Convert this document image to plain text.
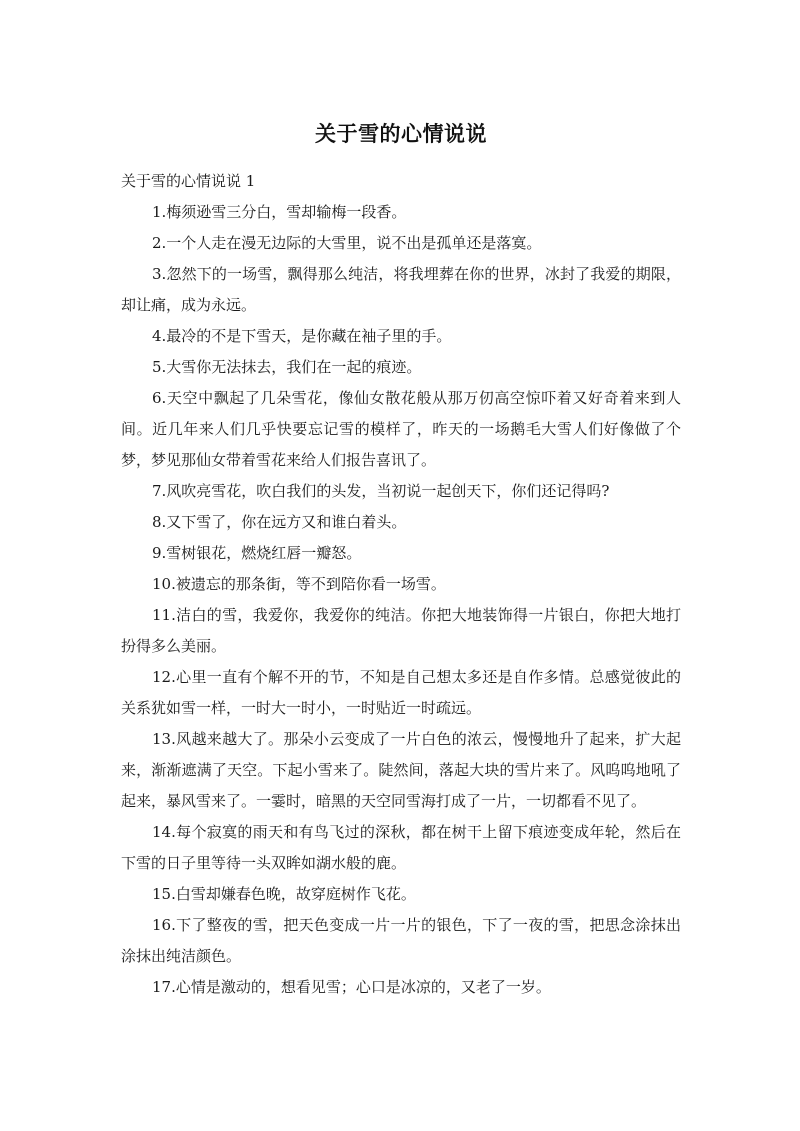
关于雪的心情说说

关于雪的心情说说 1

1.梅须逊雪三分白，雪却输梅一段香。
2.一个人走在漫无边际的大雪里，说不出是孤单还是落寞。
3.忽然下的一场雪，飘得那么纯洁，将我埋葬在你的世界，冰封了我爱的期限，却让痛，成为永远。
4.最冷的不是下雪天，是你藏在袖子里的手。
5.大雪你无法抹去，我们在一起的痕迹。
6.天空中飘起了几朵雪花，像仙女散花般从那万仞高空惊吓着又好奇着来到人间。近几年来人们几乎快要忘记雪的模样了，昨天的一场鹅毛大雪人们好像做了个梦，梦见那仙女带着雪花来给人们报告喜讯了。
7.风吹亮雪花，吹白我们的头发，当初说一起创天下，你们还记得吗?
8.又下雪了，你在远方又和谁白着头。
9.雪树银花，燃烧红唇一瓣怒。
10.被遗忘的那条街，等不到陪你看一场雪。
11.洁白的雪，我爱你，我爱你的纯洁。你把大地装饰得一片银白，你把大地打扮得多么美丽。
12.心里一直有个解不开的节，不知是自己想太多还是自作多情。总感觉彼此的关系犹如雪一样，一时大一时小，一时贴近一时疏远。
13.风越来越大了。那朵小云变成了一片白色的浓云，慢慢地升了起来，扩大起来，渐渐遮满了天空。下起小雪来了。陡然间，落起大块的雪片来了。风呜呜地吼了起来，暴风雪来了。一霎时，暗黑的天空同雪海打成了一片，一切都看不见了。
14.每个寂寞的雨天和有鸟飞过的深秋，都在树干上留下痕迹变成年轮，然后在下雪的日子里等待一头双眸如湖水般的鹿。
15.白雪却嫌春色晚，故穿庭树作飞花。
16.下了整夜的雪，把天色变成一片一片的银色，下了一夜的雪，把思念涂抹出涂抹出纯洁颜色。
17.心情是激动的，想看见雪；心口是冰凉的，又老了一岁。
